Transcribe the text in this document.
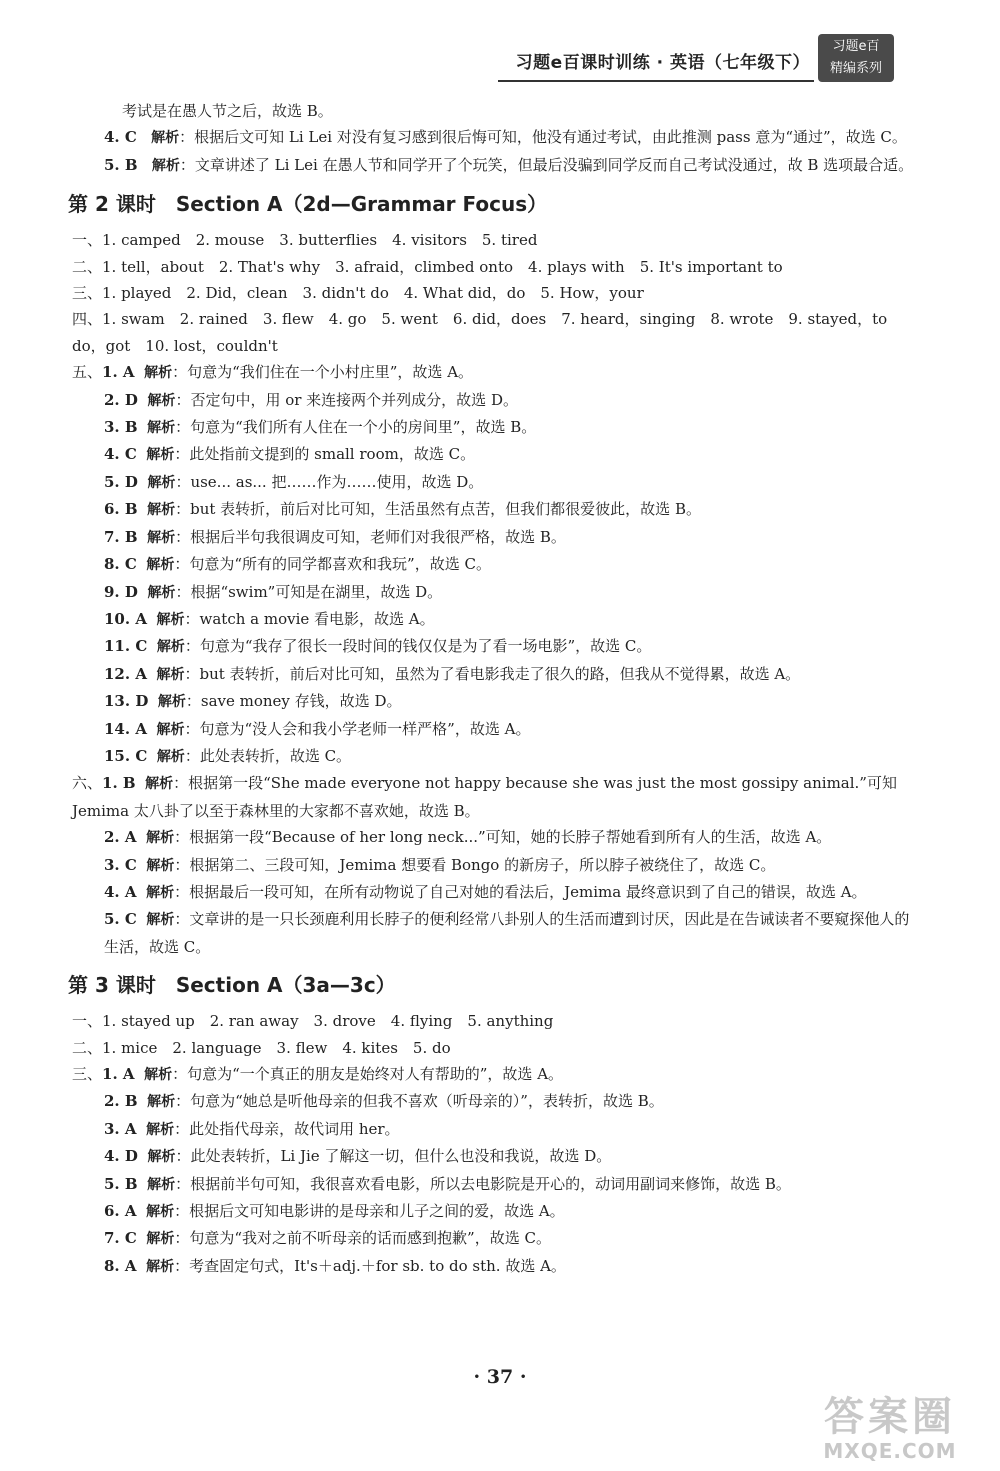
习题e百课时训练 · 英语（七年级下）
习题e百
精编系列
考试是在愚人节之后，故选 B。
4. C 解析：根据后文可知 Li Lei 对没有复习感到很后悔可知，他没有通过考试，由此推测 pass 意为“通过”，故选 C。
5. B 解析：文章讲述了 Li Lei 在愚人节和同学开了个玩笑，但最后没骗到同学反而自己考试没通过，故 B 选项最合适。
第 2 课时　Section A（2d—Grammar Focus）
一、1. camped　2. mouse　3. butterflies　4. visitors　5. tired
二、1. tell，about　2. That's why　3. afraid，climbed onto　4. plays with　5. It's important to
三、1. played　2. Did，clean　3. didn't do　4. What did，do　5. How，your
四、1. swam　2. rained　3. flew　4. go　5. went　6. did，does　7. heard，singing　8. wrote　9. stayed，to
do，got　10. lost，couldn't
五、1. A 解析：句意为“我们住在一个小村庄里”，故选 A。
2. D 解析：否定句中，用 or 来连接两个并列成分，故选 D。
3. B 解析：句意为“我们所有人住在一个小的房间里”，故选 B。
4. C 解析：此处指前文提到的 small room，故选 C。
5. D 解析：use... as... 把……作为……使用，故选 D。
6. B 解析：but 表转折，前后对比可知，生活虽然有点苦，但我们都很爱彼此，故选 B。
7. B 解析：根据后半句我很调皮可知，老师们对我很严格，故选 B。
8. C 解析：句意为“所有的同学都喜欢和我玩”，故选 C。
9. D 解析：根据“swim”可知是在湖里，故选 D。
10. A 解析：watch a movie 看电影，故选 A。
11. C 解析：句意为“我存了很长一段时间的钱仅仅是为了看一场电影”，故选 C。
12. A 解析：but 表转折，前后对比可知，虽然为了看电影我走了很久的路，但我从不觉得累，故选 A。
13. D 解析：save money 存钱，故选 D。
14. A 解析：句意为“没人会和我小学老师一样严格”，故选 A。
15. C 解析：此处表转折，故选 C。
六、1. B 解析：根据第一段“She made everyone not happy because she was just the most gossipy animal.”可知 Jemima 太八卦了以至于森林里的大家都不喜欢她，故选 B。
2. A 解析：根据第一段“Because of her long neck...”可知，她的长脖子帮她看到所有人的生活，故选 A。
3. C 解析：根据第二、三段可知，Jemima 想要看 Bongo 的新房子，所以脖子被绕住了，故选 C。
4. A 解析：根据最后一段可知，在所有动物说了自己对她的看法后，Jemima 最终意识到了自己的错误，故选 A。
5. C 解析：文章讲的是一只长颈鹿利用长脖子的便利经常八卦别人的生活而遭到讨厌，因此是在告诫读者不要窥探他人的生活，故选 C。
第 3 课时　Section A（3a—3c）
一、1. stayed up　2. ran away　3. drove　4. flying　5. anything
二、1. mice　2. language　3. flew　4. kites　5. do
三、1. A 解析：句意为“一个真正的朋友是始终对人有帮助的”，故选 A。
2. B 解析：句意为“她总是听他母亲的但我不喜欢（听母亲的）”，表转折，故选 B。
3. A 解析：此处指代母亲，故代词用 her。
4. D 解析：此处表转折，Li Jie 了解这一切，但什么也没和我说，故选 D。
5. B 解析：根据前半句可知，我很喜欢看电影，所以去电影院是开心的，动词用副词来修饰，故选 B。
6. A 解析：根据后文可知电影讲的是母亲和儿子之间的爱，故选 A。
7. C 解析：句意为“我对之前不听母亲的话而感到抱歉”，故选 C。
8. A 解析：考查固定句式，It's＋adj.＋for sb. to do sth. 故选 A。
· 37 ·
答案圈
MXQE.COM
